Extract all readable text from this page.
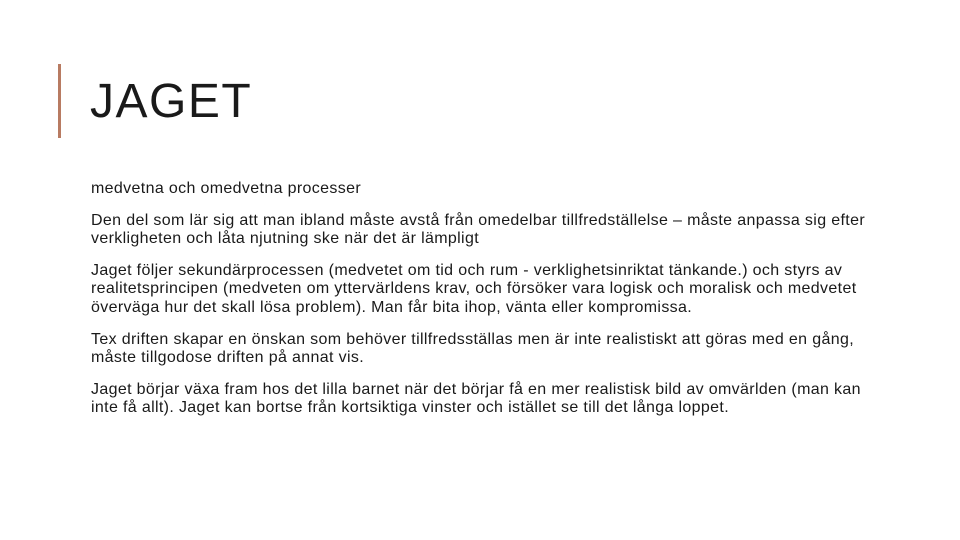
JAGET
medvetna och omedvetna processer
Den del som lär sig att man ibland måste avstå från omedelbar tillfredställelse – måste anpassa sig efter verkligheten och låta njutning ske när det är lämpligt
Jaget följer sekundärprocessen (medvetet om tid och rum - verklighetsinriktat tänkande.) och styrs av realitetsprincipen (medveten om yttervärldens krav, och försöker vara logisk och moralisk och medvetet överväga hur det skall lösa problem). Man får bita ihop, vänta eller kompromissa.
Tex driften skapar en önskan som behöver tillfredsställas men är inte realistiskt att göras med en gång, måste tillgodose driften på annat vis.
Jaget börjar växa fram hos det lilla barnet när det börjar få en mer realistisk bild av omvärlden (man kan inte få allt). Jaget kan bortse från kortsiktiga vinster och istället se till det långa loppet.
